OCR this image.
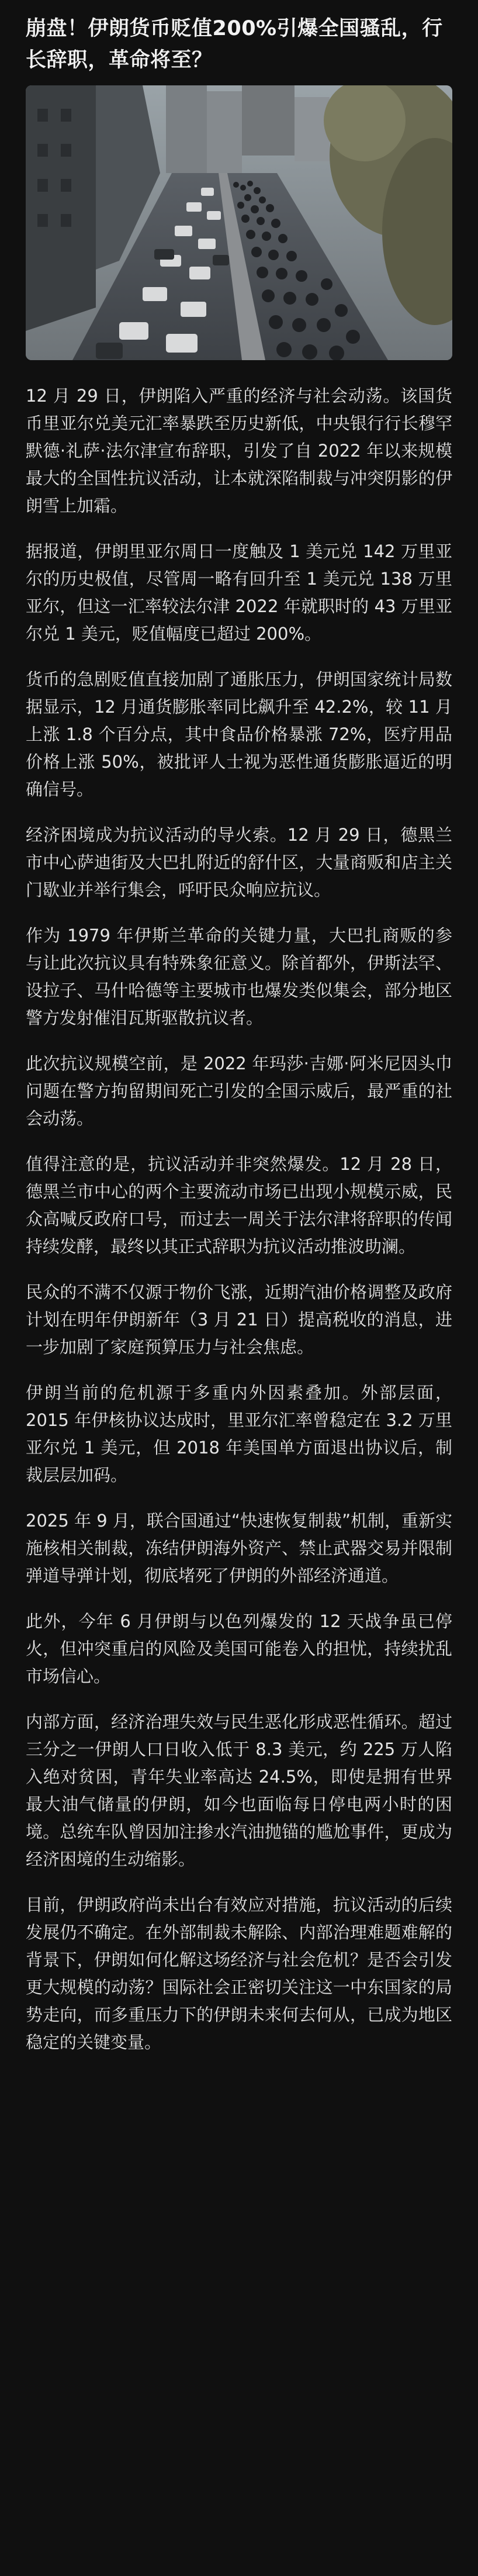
崩盘！伊朗货币贬值200%引爆全国骚乱，行长辞职，革命将至？

12 月 29 日，伊朗陷入严重的经济与社会动荡。该国货币里亚尔兑美元汇率暴跌至历史新低，中央银行行长穆罕默德·礼萨·法尔津宣布辞职，引发了自 2022 年以来规模最大的全国性抗议活动，让本就深陷制裁与冲突阴影的伊朗雪上加霜。

据报道，伊朗里亚尔周日一度触及 1 美元兑 142 万里亚尔的历史极值，尽管周一略有回升至 1 美元兑 138 万里亚尔，但这一汇率较法尔津 2022 年就职时的 43 万里亚尔兑 1 美元，贬值幅度已超过 200%。

货币的急剧贬值直接加剧了通胀压力，伊朗国家统计局数据显示，12 月通货膨胀率同比飙升至 42.2%，较 11 月上涨 1.8 个百分点，其中食品价格暴涨 72%，医疗用品价格上涨 50%，被批评人士视为恶性通货膨胀逼近的明确信号。

经济困境成为抗议活动的导火索。12 月 29 日，德黑兰市中心萨迪街及大巴扎附近的舒什区，大量商贩和店主关门歇业并举行集会，呼吁民众响应抗议。

作为 1979 年伊斯兰革命的关键力量，大巴扎商贩的参与让此次抗议具有特殊象征意义。除首都外，伊斯法罕、设拉子、马什哈德等主要城市也爆发类似集会，部分地区警方发射催泪瓦斯驱散抗议者。

此次抗议规模空前，是 2022 年玛莎·吉娜·阿米尼因头巾问题在警方拘留期间死亡引发的全国示威后，最严重的社会动荡。

值得注意的是，抗议活动并非突然爆发。12 月 28 日，德黑兰市中心的两个主要流动市场已出现小规模示威，民众高喊反政府口号，而过去一周关于法尔津将辞职的传闻持续发酵，最终以其正式辞职为抗议活动推波助澜。

民众的不满不仅源于物价飞涨，近期汽油价格调整及政府计划在明年伊朗新年（3 月 21 日）提高税收的消息，进一步加剧了家庭预算压力与社会焦虑。

伊朗当前的危机源于多重内外因素叠加。外部层面，2015 年伊核协议达成时，里亚尔汇率曾稳定在 3.2 万里亚尔兑 1 美元，但 2018 年美国单方面退出协议后，制裁层层加码。

2025 年 9 月，联合国通过“快速恢复制裁”机制，重新实施核相关制裁，冻结伊朗海外资产、禁止武器交易并限制弹道导弹计划，彻底堵死了伊朗的外部经济通道。

此外，今年 6 月伊朗与以色列爆发的 12 天战争虽已停火，但冲突重启的风险及美国可能卷入的担忧，持续扰乱市场信心。

内部方面，经济治理失效与民生恶化形成恶性循环。超过三分之一伊朗人口日收入低于 8.3 美元，约 225 万人陷入绝对贫困，青年失业率高达 24.5%，即使是拥有世界最大油气储量的伊朗，如今也面临每日停电两小时的困境。总统车队曾因加注掺水汽油抛锚的尴尬事件，更成为经济困境的生动缩影。

目前，伊朗政府尚未出台有效应对措施，抗议活动的后续发展仍不确定。在外部制裁未解除、内部治理难题难解的背景下，伊朗如何化解这场经济与社会危机？是否会引发更大规模的动荡？国际社会正密切关注这一中东国家的局势走向，而多重压力下的伊朗未来何去何从，已成为地区稳定的关键变量。
